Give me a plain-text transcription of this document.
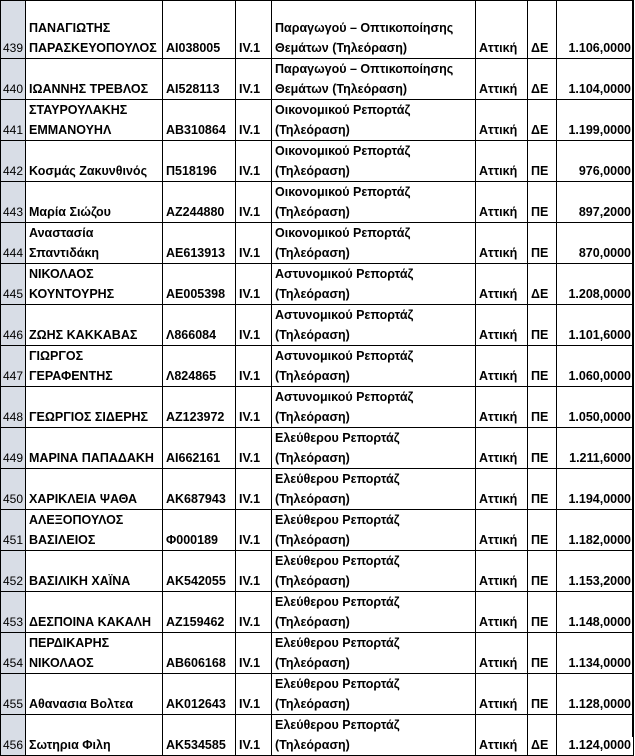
439	ΠΑΝΑΓΙΩΤΗΣ ΠΑΡΑΣΚΕΥΟΠΟΥΛΟΣ	ΑΙ038005	IV.1	Παραγωγού – Οπτικοποίησης Θεμάτων (Τηλεόραση)	Αττική	ΔΕ	1.106,0000
440	ΙΩΑΝΝΗΣ ΤΡΕΒΛΟΣ	ΑΙ528113	IV.1	Παραγωγού – Οπτικοποίησης Θεμάτων (Τηλεόραση)	Αττική	ΔΕ	1.104,0000
441	ΣΤΑΥΡΟΥΛΑΚΗΣ ΕΜΜΑΝΟΥΗΛ	ΑΒ310864	IV.1	Οικονομικού Ρεπορτάζ (Τηλεόραση)	Αττική	ΔΕ	1.199,0000
442	Κοσμάς Ζακυνθινός	Π518196	IV.1	Οικονομικού Ρεπορτάζ (Τηλεόραση)	Αττική	ΠΕ	976,0000
443	Μαρία Σιώζου	ΑΖ244880	IV.1	Οικονομικού Ρεπορτάζ (Τηλεόραση)	Αττική	ΠΕ	897,2000
444	Αναστασία Σπαντιδάκη	ΑΕ613913	IV.1	Οικονομικού Ρεπορτάζ (Τηλεόραση)	Αττική	ΠΕ	870,0000
445	ΝΙΚΟΛΑΟΣ ΚΟΥΝΤΟΥΡΗΣ	ΑΕ005398	IV.1	Αστυνομικού Ρεπορτάζ (Τηλεόραση)	Αττική	ΔΕ	1.208,0000
446	ΖΩΗΣ ΚΑΚΚΑΒΑΣ	Λ866084	IV.1	Αστυνομικού Ρεπορτάζ (Τηλεόραση)	Αττική	ΠΕ	1.101,6000
447	ΓΙΩΡΓΟΣ ΓΕΡΑΦΕΝΤΗΣ	Λ824865	IV.1	Αστυνομικού Ρεπορτάζ (Τηλεόραση)	Αττική	ΠΕ	1.060,0000
448	ΓΕΩΡΓΙΟΣ ΣΙΔΕΡΗΣ	ΑΖ123972	IV.1	Αστυνομικού Ρεπορτάζ (Τηλεόραση)	Αττική	ΠΕ	1.050,0000
449	ΜΑΡΙΝΑ ΠΑΠΑΔΑΚΗ	ΑΙ662161	IV.1	Ελεύθερου Ρεπορτάζ (Τηλεόραση)	Αττική	ΠΕ	1.211,6000
450	ΧΑΡΙΚΛΕΙΑ ΨΑΘΑ	ΑΚ687943	IV.1	Ελεύθερου Ρεπορτάζ (Τηλεόραση)	Αττική	ΠΕ	1.194,0000
451	ΑΛΕΞΟΠΟΥΛΟΣ ΒΑΣΙΛΕΙΟΣ	Φ000189	IV.1	Ελεύθερου Ρεπορτάζ (Τηλεόραση)	Αττική	ΠΕ	1.182,0000
452	ΒΑΣΙΛΙΚΗ ΧΑΪΝΑ	ΑΚ542055	IV.1	Ελεύθερου Ρεπορτάζ (Τηλεόραση)	Αττική	ΠΕ	1.153,2000
453	ΔΕΣΠΟΙΝΑ ΚΑΚΑΛΗ	ΑΖ159462	IV.1	Ελεύθερου Ρεπορτάζ (Τηλεόραση)	Αττική	ΠΕ	1.148,0000
454	ΠΕΡΔΙΚΑΡΗΣ ΝΙΚΟΛΑΟΣ	ΑΒ606168	IV.1	Ελεύθερου Ρεπορτάζ (Τηλεόραση)	Αττική	ΠΕ	1.134,0000
455	Αθανασια Βολτεα	ΑΚ012643	IV.1	Ελεύθερου Ρεπορτάζ (Τηλεόραση)	Αττική	ΠΕ	1.128,0000
456	Σωτηρια Φιλη	ΑΚ534585	IV.1	Ελεύθερου Ρεπορτάζ (Τηλεόραση)	Αττική	ΔΕ	1.124,0000
